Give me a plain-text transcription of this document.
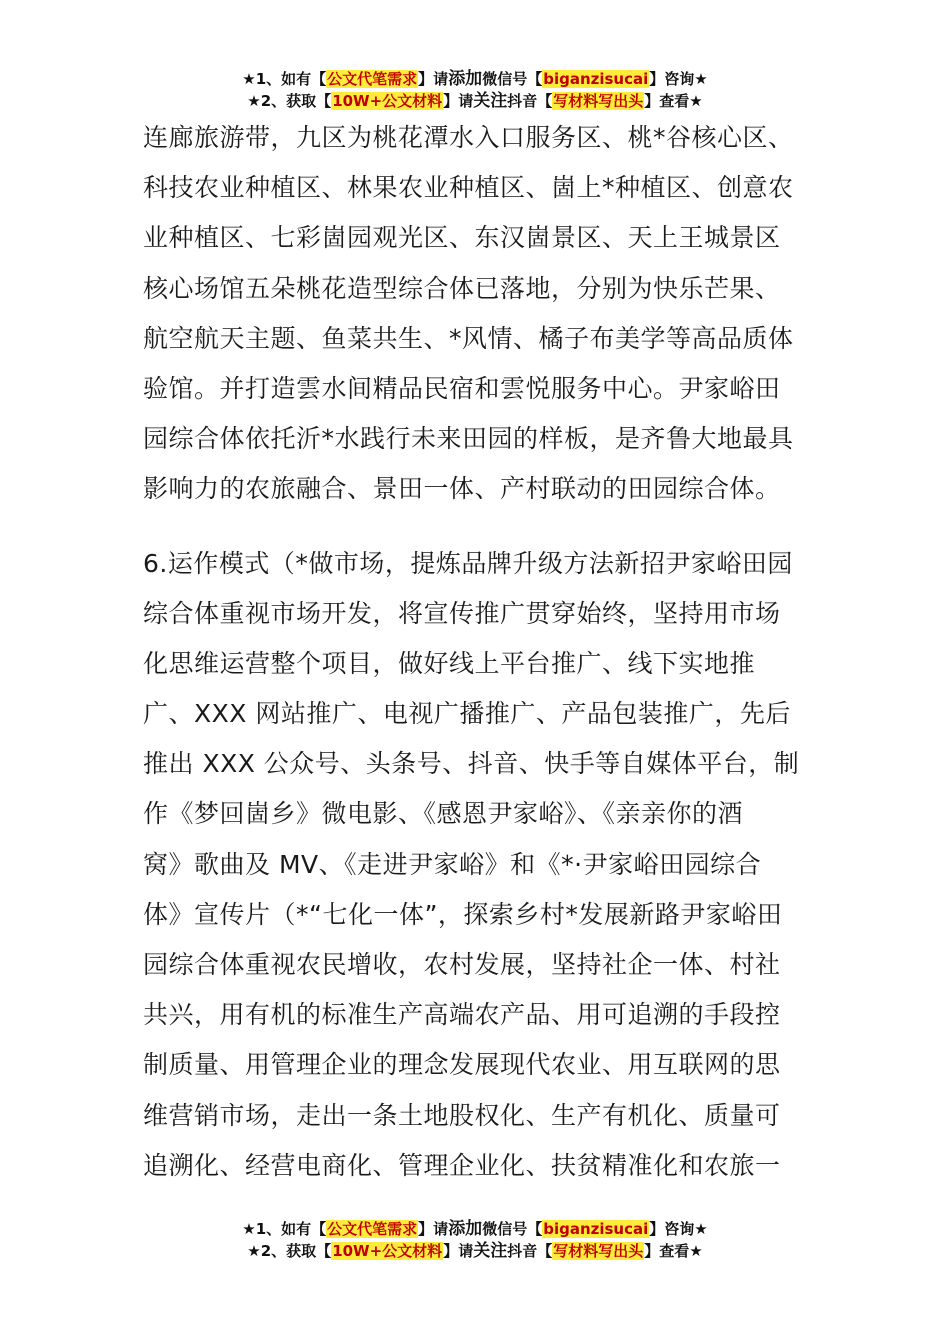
★1、如有【公文代笔需求】请添加微信号【biganzisucai】咨询★
★2、获取【10W+公文材料】请关注抖音【写材料写出头】查看★

连廊旅游带，九区为桃花潭水入口服务区、桃*谷核心区、
科技农业种植区、林果农业种植区、崮上*种植区、创意农
业种植区、七彩崮园观光区、东汉崮景区、天上王城景区
核心场馆五朵桃花造型综合体已落地，分别为快乐芒果、
航空航天主题、鱼菜共生、*风情、橘子布美学等高品质体
验馆。并打造雲水间精品民宿和雲悦服务中心。尹家峪田
园综合体依托沂*水践行未来田园的样板，是齐鲁大地最具
影响力的农旅融合、景田一体、产村联动的田园综合体。

6.运作模式（*做市场，提炼品牌升级方法新招尹家峪田园
综合体重视市场开发，将宣传推广贯穿始终，坚持用市场
化思维运营整个项目，做好线上平台推广、线下实地推
广、XXX 网站推广、电视广播推广、产品包装推广，先后
推出 XXX 公众号、头条号、抖音、快手等自媒体平台，制
作《梦回崮乡》微电影、《感恩尹家峪》、《亲亲你的酒
窝》歌曲及 MV、《走进尹家峪》和《*·尹家峪田园综合
体》宣传片（*“七化一体”，探索乡村*发展新路尹家峪田
园综合体重视农民增收，农村发展，坚持社企一体、村社
共兴，用有机的标准生产高端农产品、用可追溯的手段控
制质量、用管理企业的理念发展现代农业、用互联网的思
维营销市场，走出一条土地股权化、生产有机化、质量可
追溯化、经营电商化、管理企业化、扶贫精准化和农旅一

★1、如有【公文代笔需求】请添加微信号【biganzisucai】咨询★
★2、获取【10W+公文材料】请关注抖音【写材料写出头】查看★
